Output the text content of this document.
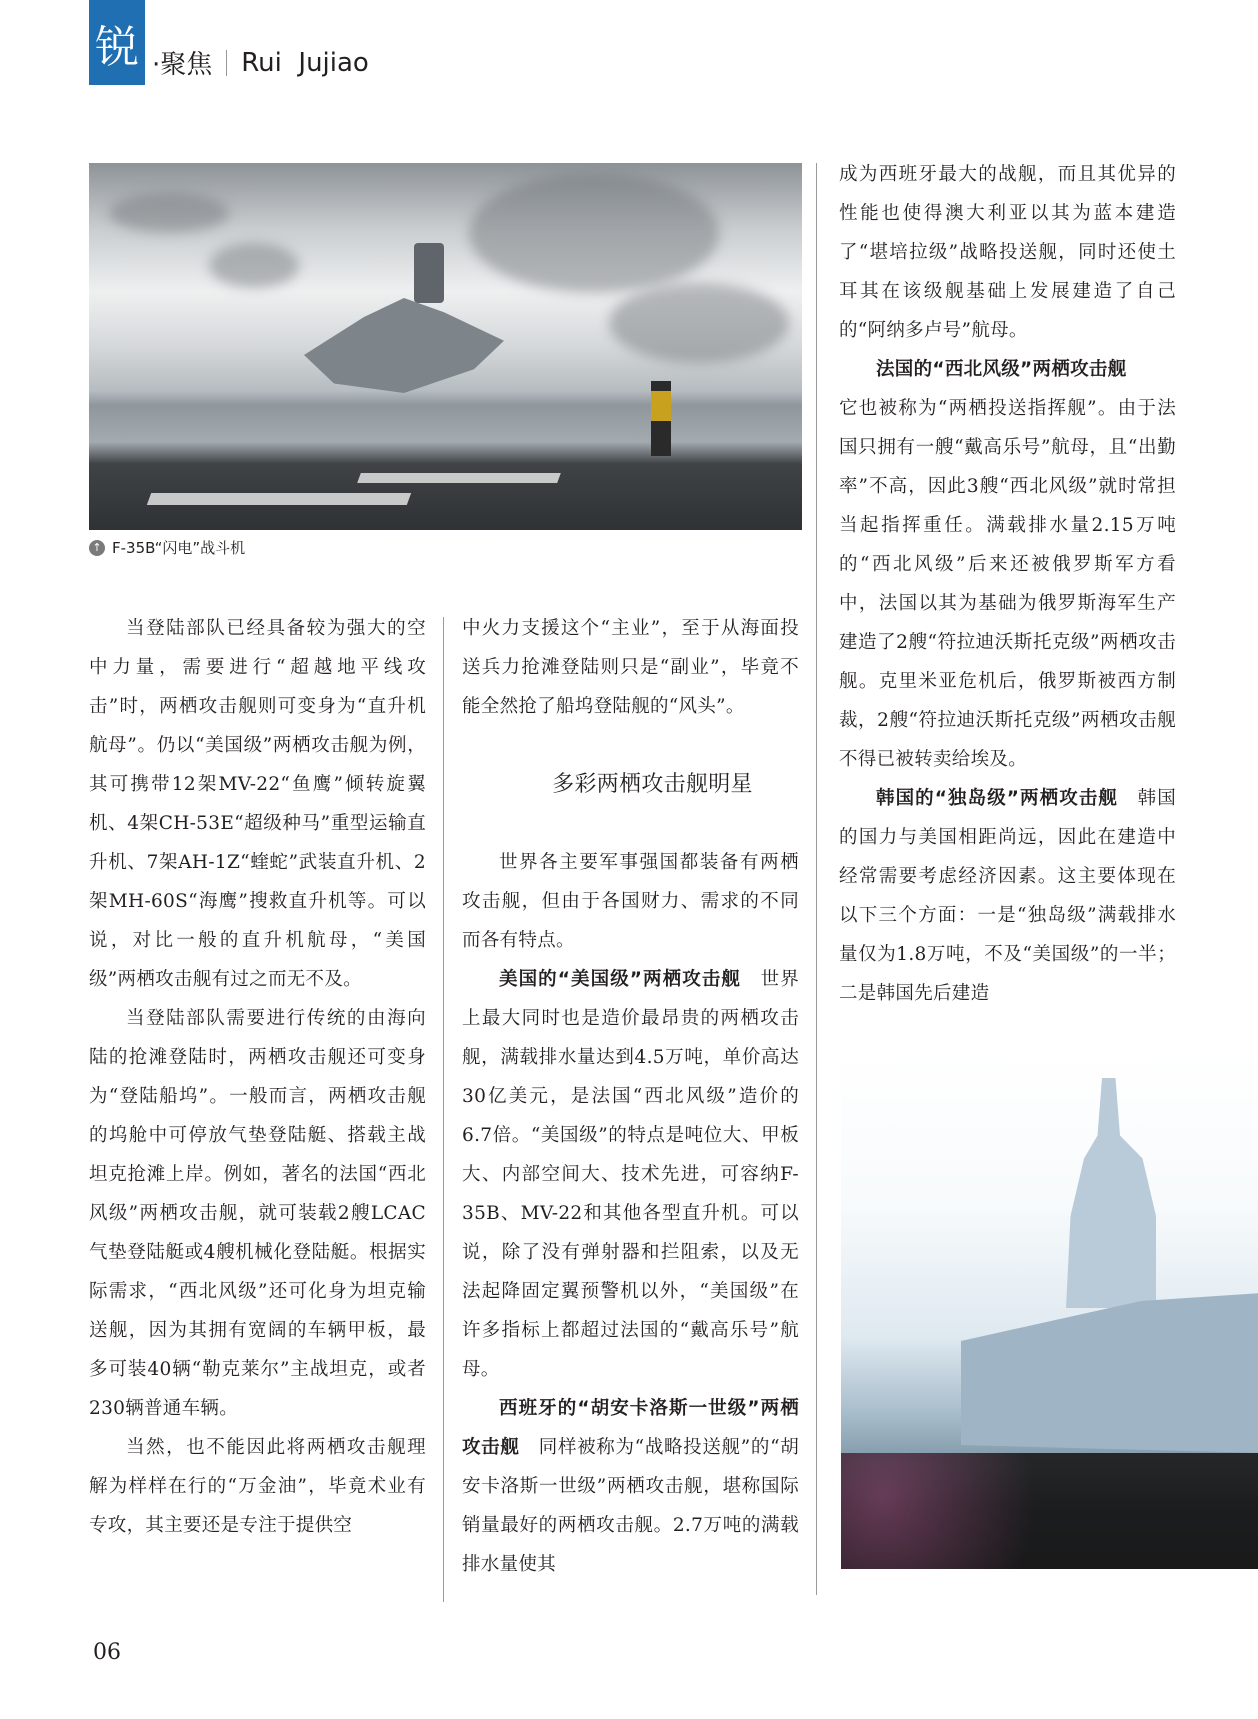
锐 ·聚焦 Rui  Jujiao
↑ F-35B“闪电”战斗机

当登陆部队已经具备较为强大的空中力量，需要进行“超越地平线攻击”时，两栖攻击舰则可变身为“直升机航母”。仍以“美国级”两栖攻击舰为例，其可携带12架MV-22“鱼鹰”倾转旋翼机、4架CH-53E“超级种马”重型运输直升机、7架AH-1Z“蝰蛇”武装直升机、2架MH-60S“海鹰”搜救直升机等。可以说，对比一般的直升机航母，“美国级”两栖攻击舰有过之而无不及。

当登陆部队需要进行传统的由海向陆的抢滩登陆时，两栖攻击舰还可变身为“登陆船坞”。一般而言，两栖攻击舰的坞舱中可停放气垫登陆艇、搭载主战坦克抢滩上岸。例如，著名的法国“西北风级”两栖攻击舰，就可装载2艘LCAC气垫登陆艇或4艘机械化登陆艇。根据实际需求，“西北风级”还可化身为坦克输送舰，因为其拥有宽阔的车辆甲板，最多可装40辆“勒克莱尔”主战坦克，或者230辆普通车辆。

当然，也不能因此将两栖攻击舰理解为样样在行的“万金油”，毕竟术业有专攻，其主要还是专注于提供空

中火力支援这个“主业”，至于从海面投送兵力抢滩登陆则只是“副业”，毕竟不能全然抢了船坞登陆舰的“风头”。

多彩两栖攻击舰明星

世界各主要军事强国都装备有两栖攻击舰，但由于各国财力、需求的不同而各有特点。

美国的“美国级”两栖攻击舰  世界上最大同时也是造价最昂贵的两栖攻击舰，满载排水量达到4.5万吨，单价高达30亿美元，是法国“西北风级”造价的6.7倍。“美国级”的特点是吨位大、甲板大、内部空间大、技术先进，可容纳F-35B、MV-22和其他各型直升机。可以说，除了没有弹射器和拦阻索，以及无法起降固定翼预警机以外，“美国级”在许多指标上都超过法国的“戴高乐号”航母。

西班牙的“胡安卡洛斯一世级”两栖攻击舰  同样被称为“战略投送舰”的“胡安卡洛斯一世级”两栖攻击舰，堪称国际销量最好的两栖攻击舰。2.7万吨的满载排水量使其

成为西班牙最大的战舰，而且其优异的性能也使得澳大利亚以其为蓝本建造了“堪培拉级”战略投送舰，同时还使土耳其在该级舰基础上发展建造了自己的“阿纳多卢号”航母。

法国的“西北风级”两栖攻击舰
它也被称为“两栖投送指挥舰”。由于法国只拥有一艘“戴高乐号”航母，且“出勤率”不高，因此3艘“西北风级”就时常担当起指挥重任。满载排水量2.15万吨的“西北风级”后来还被俄罗斯军方看中，法国以其为基础为俄罗斯海军生产建造了2艘“符拉迪沃斯托克级”两栖攻击舰。克里米亚危机后，俄罗斯被西方制裁，2艘“符拉迪沃斯托克级”两栖攻击舰不得已被转卖给埃及。

韩国的“独岛级”两栖攻击舰  韩国的国力与美国相距尚远，因此在建造中经常需要考虑经济因素。这主要体现在以下三个方面：一是“独岛级”满载排水量仅为1.8万吨，不及“美国级”的一半；二是韩国先后建造

06
